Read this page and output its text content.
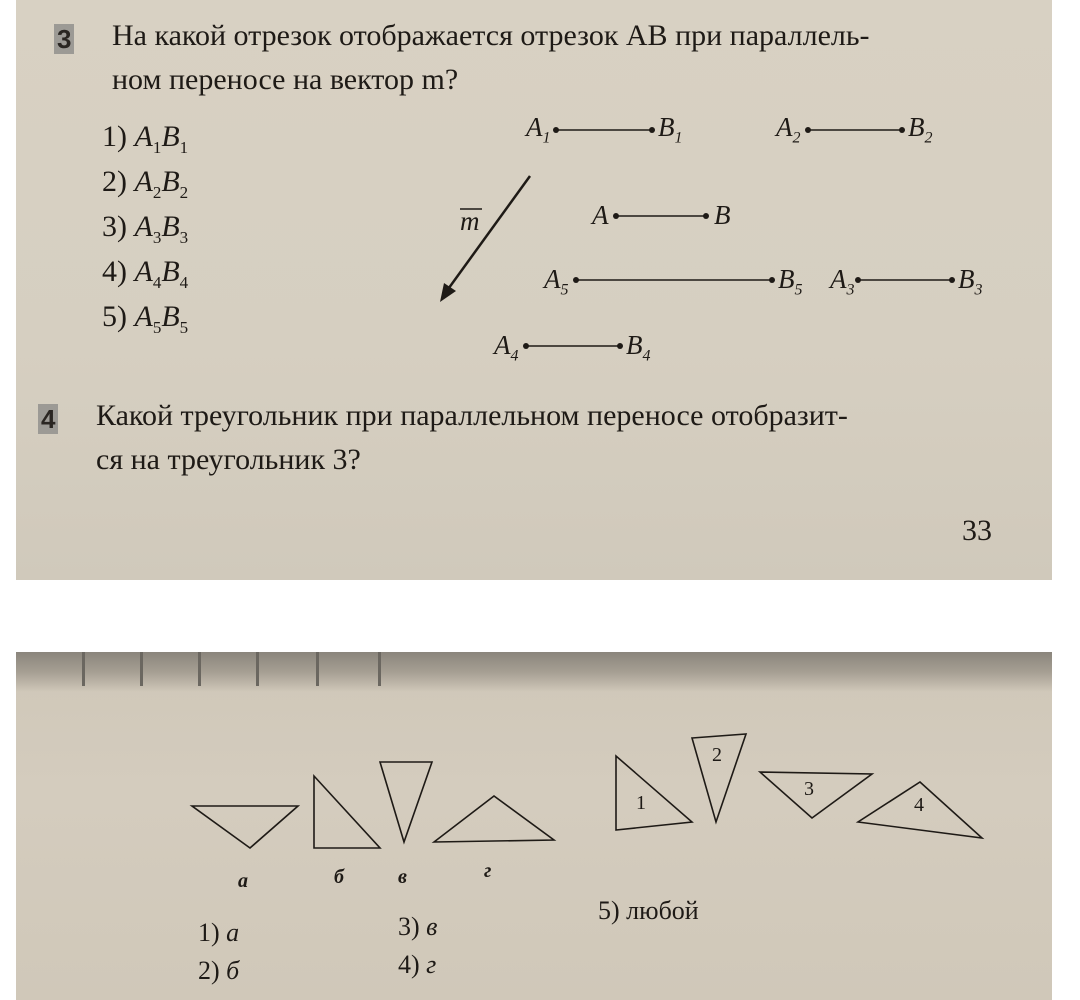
3 На какой отрезок отображается отрезок AB при параллель-

ном переносе на вектор m?

1) $A_1B_1$
2) $A_2B_2$
3) $A_3B_3$
4) $A_4B_4$
5) $A_5B_5$
m
$A_1$	$B_1$	$A_2$	$B_2$
A	B
$A_5$	$B_5$ $A_3$	$B_3$
$A_4$	$B_4$
4 Какой треугольник при параллельном переносе отобразит-

ся на треугольник 3?

33
1
2
3
4
а	б	в	г
1) а
2) б
3) в
4) г
5) любой
